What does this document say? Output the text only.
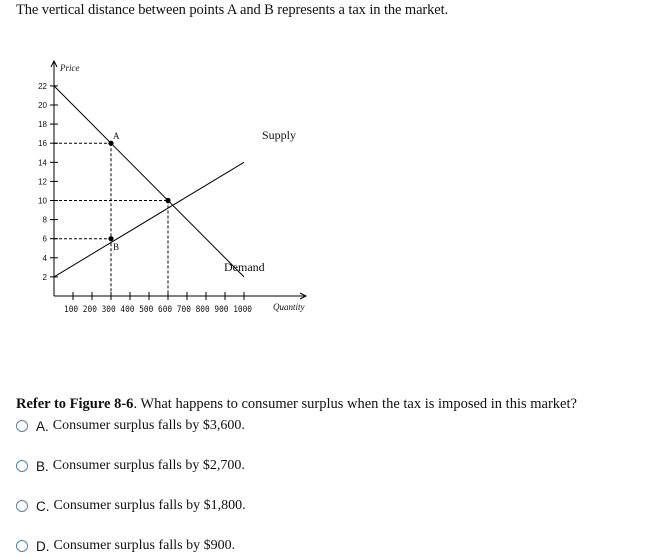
The vertical distance between points A and B represents a tax in the market.
2
4
6
8
10
12
14
16
18
20
22
Price
Quantity
Supply
Demand
A
B
100 200 300 400 500 600 700 800 900 1000
Refer to Figure 8-6. What happens to consumer surplus when the tax is imposed in this market?
A. Consumer surplus falls by $3,600.
B. Consumer surplus falls by $2,700.
C. Consumer surplus falls by $1,800.
D. Consumer surplus falls by $900.
